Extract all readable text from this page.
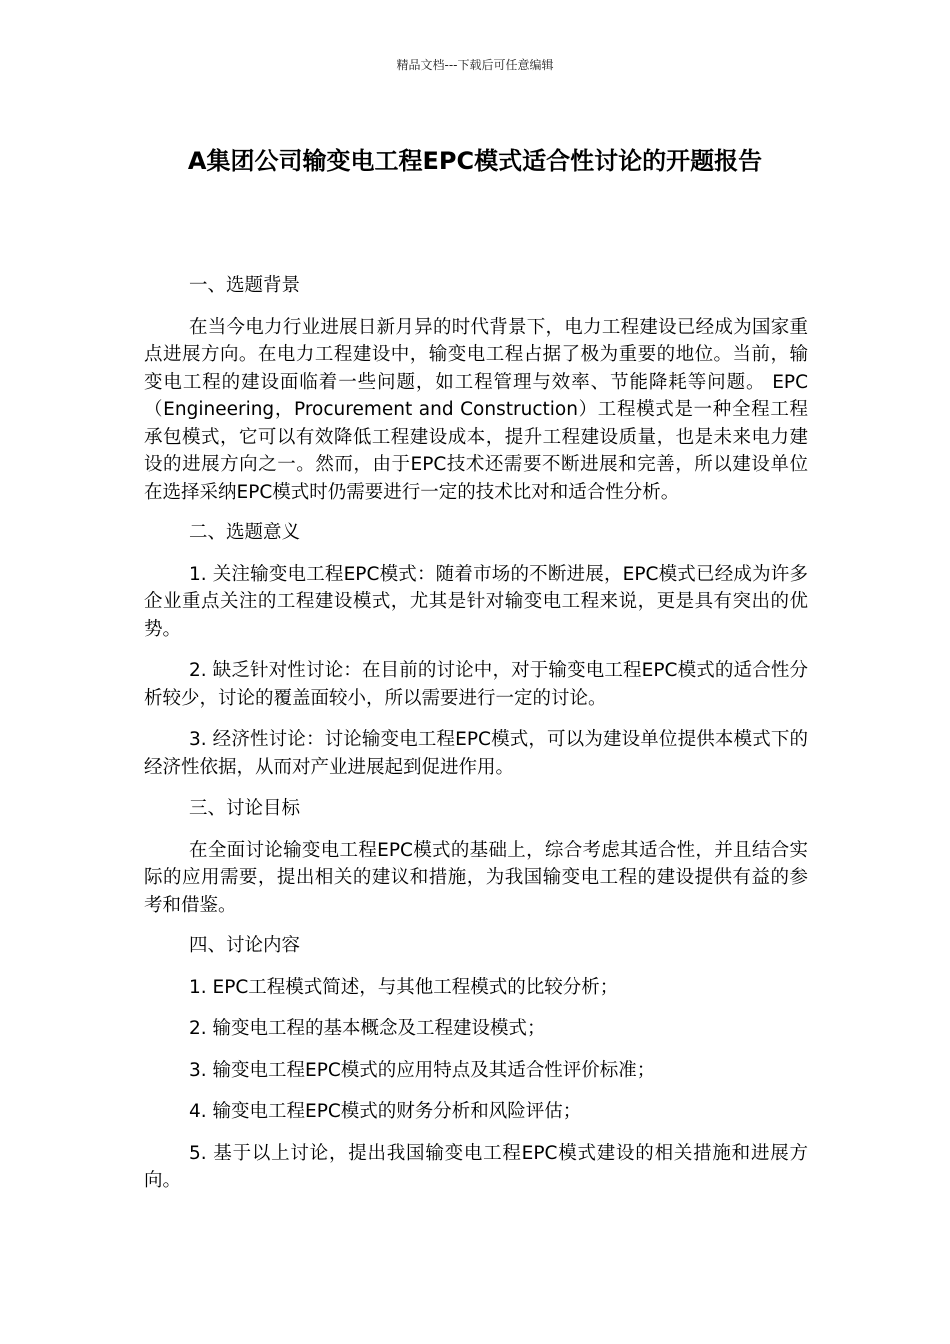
精品文档---下载后可任意编辑
A集团公司输变电工程EPC模式适合性讨论的开题报告

一、选题背景

在当今电力行业进展日新月异的时代背景下，电力工程建设已经成为国家重点进展方向。在电力工程建设中，输变电工程占据了极为重要的地位。当前，输变电工程的建设面临着一些问题，如工程管理与效率、节能降耗等问题。 EPC（Engineering，Procurement and Construction）工程模式是一种全程工程承包模式，它可以有效降低工程建设成本，提升工程建设质量，也是未来电力建设的进展方向之一。然而，由于EPC技术还需要不断进展和完善，所以建设单位在选择采纳EPC模式时仍需要进行一定的技术比对和适合性分析。

二、选题意义

1. 关注输变电工程EPC模式：随着市场的不断进展，EPC模式已经成为许多企业重点关注的工程建设模式，尤其是针对输变电工程来说，更是具有突出的优势。

2. 缺乏针对性讨论：在目前的讨论中，对于输变电工程EPC模式的适合性分析较少，讨论的覆盖面较小，所以需要进行一定的讨论。

3. 经济性讨论：讨论输变电工程EPC模式，可以为建设单位提供本模式下的经济性依据，从而对产业进展起到促进作用。

三、讨论目标

在全面讨论输变电工程EPC模式的基础上，综合考虑其适合性，并且结合实际的应用需要，提出相关的建议和措施，为我国输变电工程的建设提供有益的参考和借鉴。

四、讨论内容

1. EPC工程模式简述，与其他工程模式的比较分析；

2. 输变电工程的基本概念及工程建设模式；

3. 输变电工程EPC模式的应用特点及其适合性评价标准；

4. 输变电工程EPC模式的财务分析和风险评估；

5. 基于以上讨论，提出我国输变电工程EPC模式建设的相关措施和进展方向。
